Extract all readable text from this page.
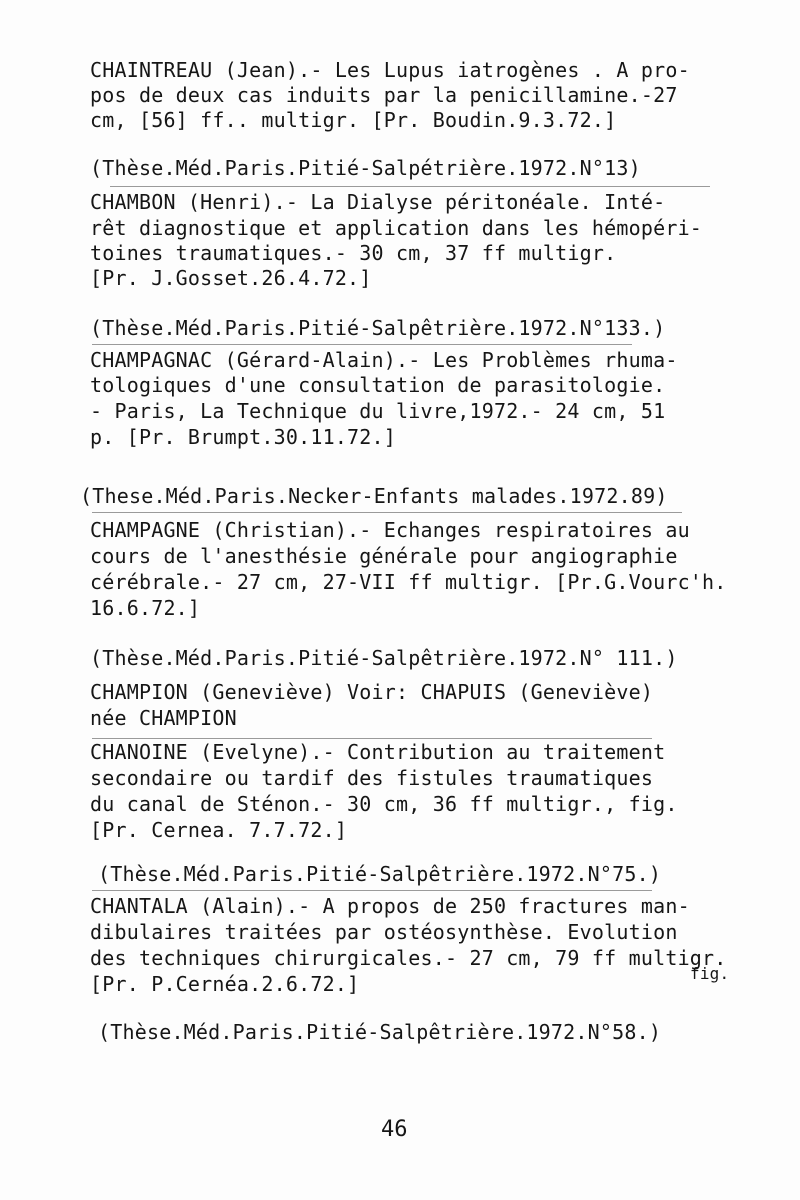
CHAINTREAU (Jean).- Les Lupus iatrogènes . A pro-
pos de deux cas induits par la penicillamine.-27
cm, [56] ff.. multigr. [Pr. Boudin.9.3.72.]
(Thèse.Méd.Paris.Pitié-Salpétrière.1972.N°13)
CHAMBON (Henri).- La Dialyse péritonéale. Inté-
rêt diagnostique et application dans les hémopéri-
toines traumatiques.- 30 cm, 37 ff multigr.
[Pr. J.Gosset.26.4.72.]
(Thèse.Méd.Paris.Pitié-Salpêtrière.1972.N°133.)
CHAMPAGNAC (Gérard-Alain).- Les Problèmes rhuma-
tologiques d'une consultation de parasitologie.
- Paris, La Technique du livre,1972.- 24 cm, 51
p. [Pr. Brumpt.30.11.72.]
(These.Méd.Paris.Necker-Enfants malades.1972.89)
CHAMPAGNE (Christian).- Echanges respiratoires au
cours de l'anesthésie générale pour angiographie
cérébrale.- 27 cm, 27-VII ff multigr. [Pr.G.Vourc'h.
16.6.72.]
(Thèse.Méd.Paris.Pitié-Salpêtrière.1972.N° 111.)
CHAMPION (Geneviève) Voir: CHAPUIS (Geneviève)
née CHAMPION
CHANOINE (Evelyne).- Contribution au traitement
secondaire ou tardif des fistules traumatiques
du canal de Sténon.- 30 cm, 36 ff multigr., fig.
[Pr. Cernea. 7.7.72.]
(Thèse.Méd.Paris.Pitié-Salpêtrière.1972.N°75.)
CHANTALA (Alain).- A propos de 250 fractures man-
dibulaires traitées par ostéosynthèse. Evolution
des techniques chirurgicales.- 27 cm, 79 ff multigr.
fig.
[Pr. P.Cernéa.2.6.72.]
(Thèse.Méd.Paris.Pitié-Salpêtrière.1972.N°58.)
46
